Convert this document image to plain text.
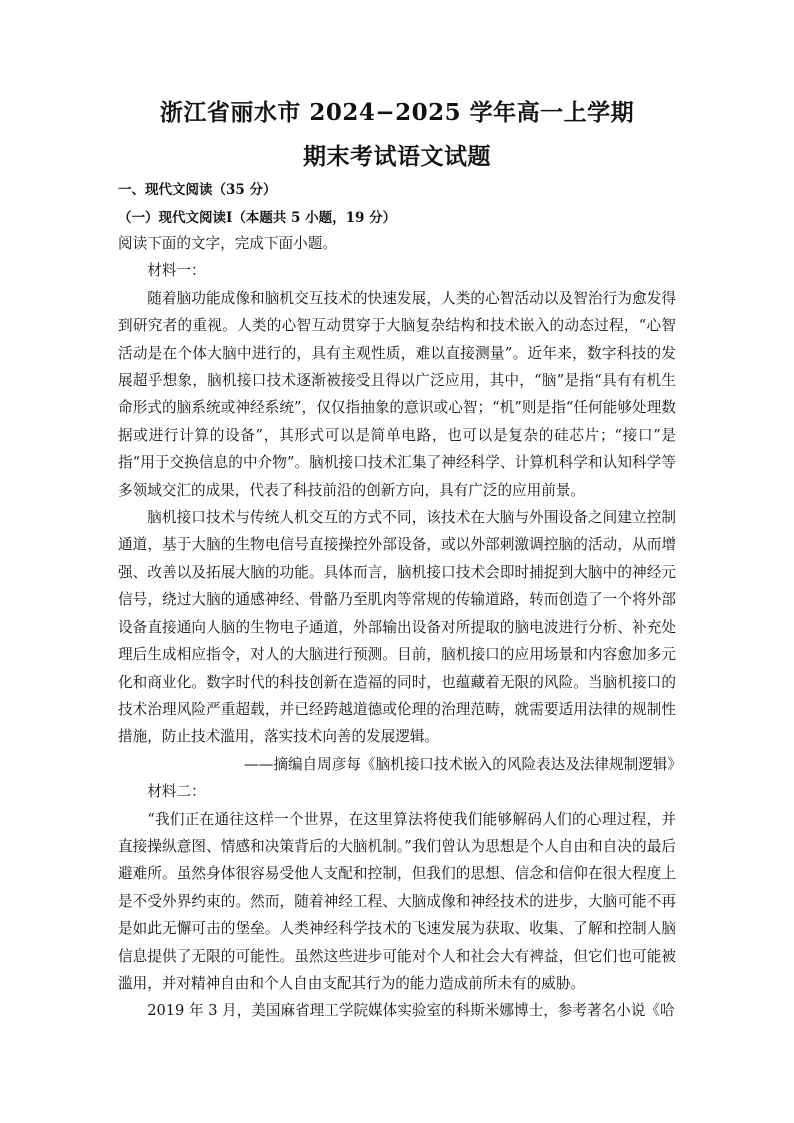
浙江省丽水市 2024−2025 学年高一上学期
期末考试语文试题
一、现代文阅读（35 分）
（一）现代文阅读Ⅰ（本题共 5 小题，19 分）

阅读下面的文字，完成下面小题。

材料一：

随着脑功能成像和脑机交互技术的快速发展，人类的心智活动以及智治行为愈发得到研究者的重视。人类的心智互动贯穿于大脑复杂结构和技术嵌入的动态过程，“心智活动是在个体大脑中进行的，具有主观性质，难以直接测量”。近年来，数字科技的发展超乎想象，脑机接口技术逐渐被接受且得以广泛应用，其中，“脑”是指“具有有机生命形式的脑系统或神经系统”，仅仅指抽象的意识或心智；“机”则是指“任何能够处理数据或进行计算的设备”，其形式可以是简单电路，也可以是复杂的硅芯片；“接口”是指“用于交换信息的中介物”。脑机接口技术汇集了神经科学、计算机科学和认知科学等多领域交汇的成果，代表了科技前沿的创新方向，具有广泛的应用前景。

脑机接口技术与传统人机交互的方式不同，该技术在大脑与外围设备之间建立控制通道，基于大脑的生物电信号直接操控外部设备，或以外部刺激调控脑的活动，从而增强、改善以及拓展大脑的功能。具体而言，脑机接口技术会即时捕捉到大脑中的神经元信号，绕过大脑的通感神经、骨骼乃至肌肉等常规的传输道路，转而创造了一个将外部设备直接通向人脑的生物电子通道，外部输出设备对所提取的脑电波进行分析、补充处理后生成相应指令，对人的大脑进行预测。目前，脑机接口的应用场景和内容愈加多元化和商业化。数字时代的科技创新在造福的同时，也蕴藏着无限的风险。当脑机接口的技术治理风险严重超载，并已经跨越道德或伦理的治理范畴，就需要适用法律的规制性措施，防止技术滥用，落实技术向善的发展逻辑。

——摘编自周彦每《脑机接口技术嵌入的风险表达及法律规制逻辑》

材料二：

“我们正在通往这样一个世界，在这里算法将使我们能够解码人们的心理过程，并直接操纵意图、情感和决策背后的大脑机制。”我们曾认为思想是个人自由和自决的最后避难所。虽然身体很容易受他人支配和控制，但我们的思想、信念和信仰在很大程度上是不受外界约束的。然而，随着神经工程、大脑成像和神经技术的进步，大脑可能不再是如此无懈可击的堡垒。人类神经科学技术的飞速发展为获取、收集、了解和控制人脑信息提供了无限的可能性。虽然这些进步可能对个人和社会大有裨益，但它们也可能被滥用，并对精神自由和个人自由支配其行为的能力造成前所未有的威胁。

2019 年 3 月，美国麻省理工学院媒体实验室的科斯米娜博士，参考著名小说《哈
